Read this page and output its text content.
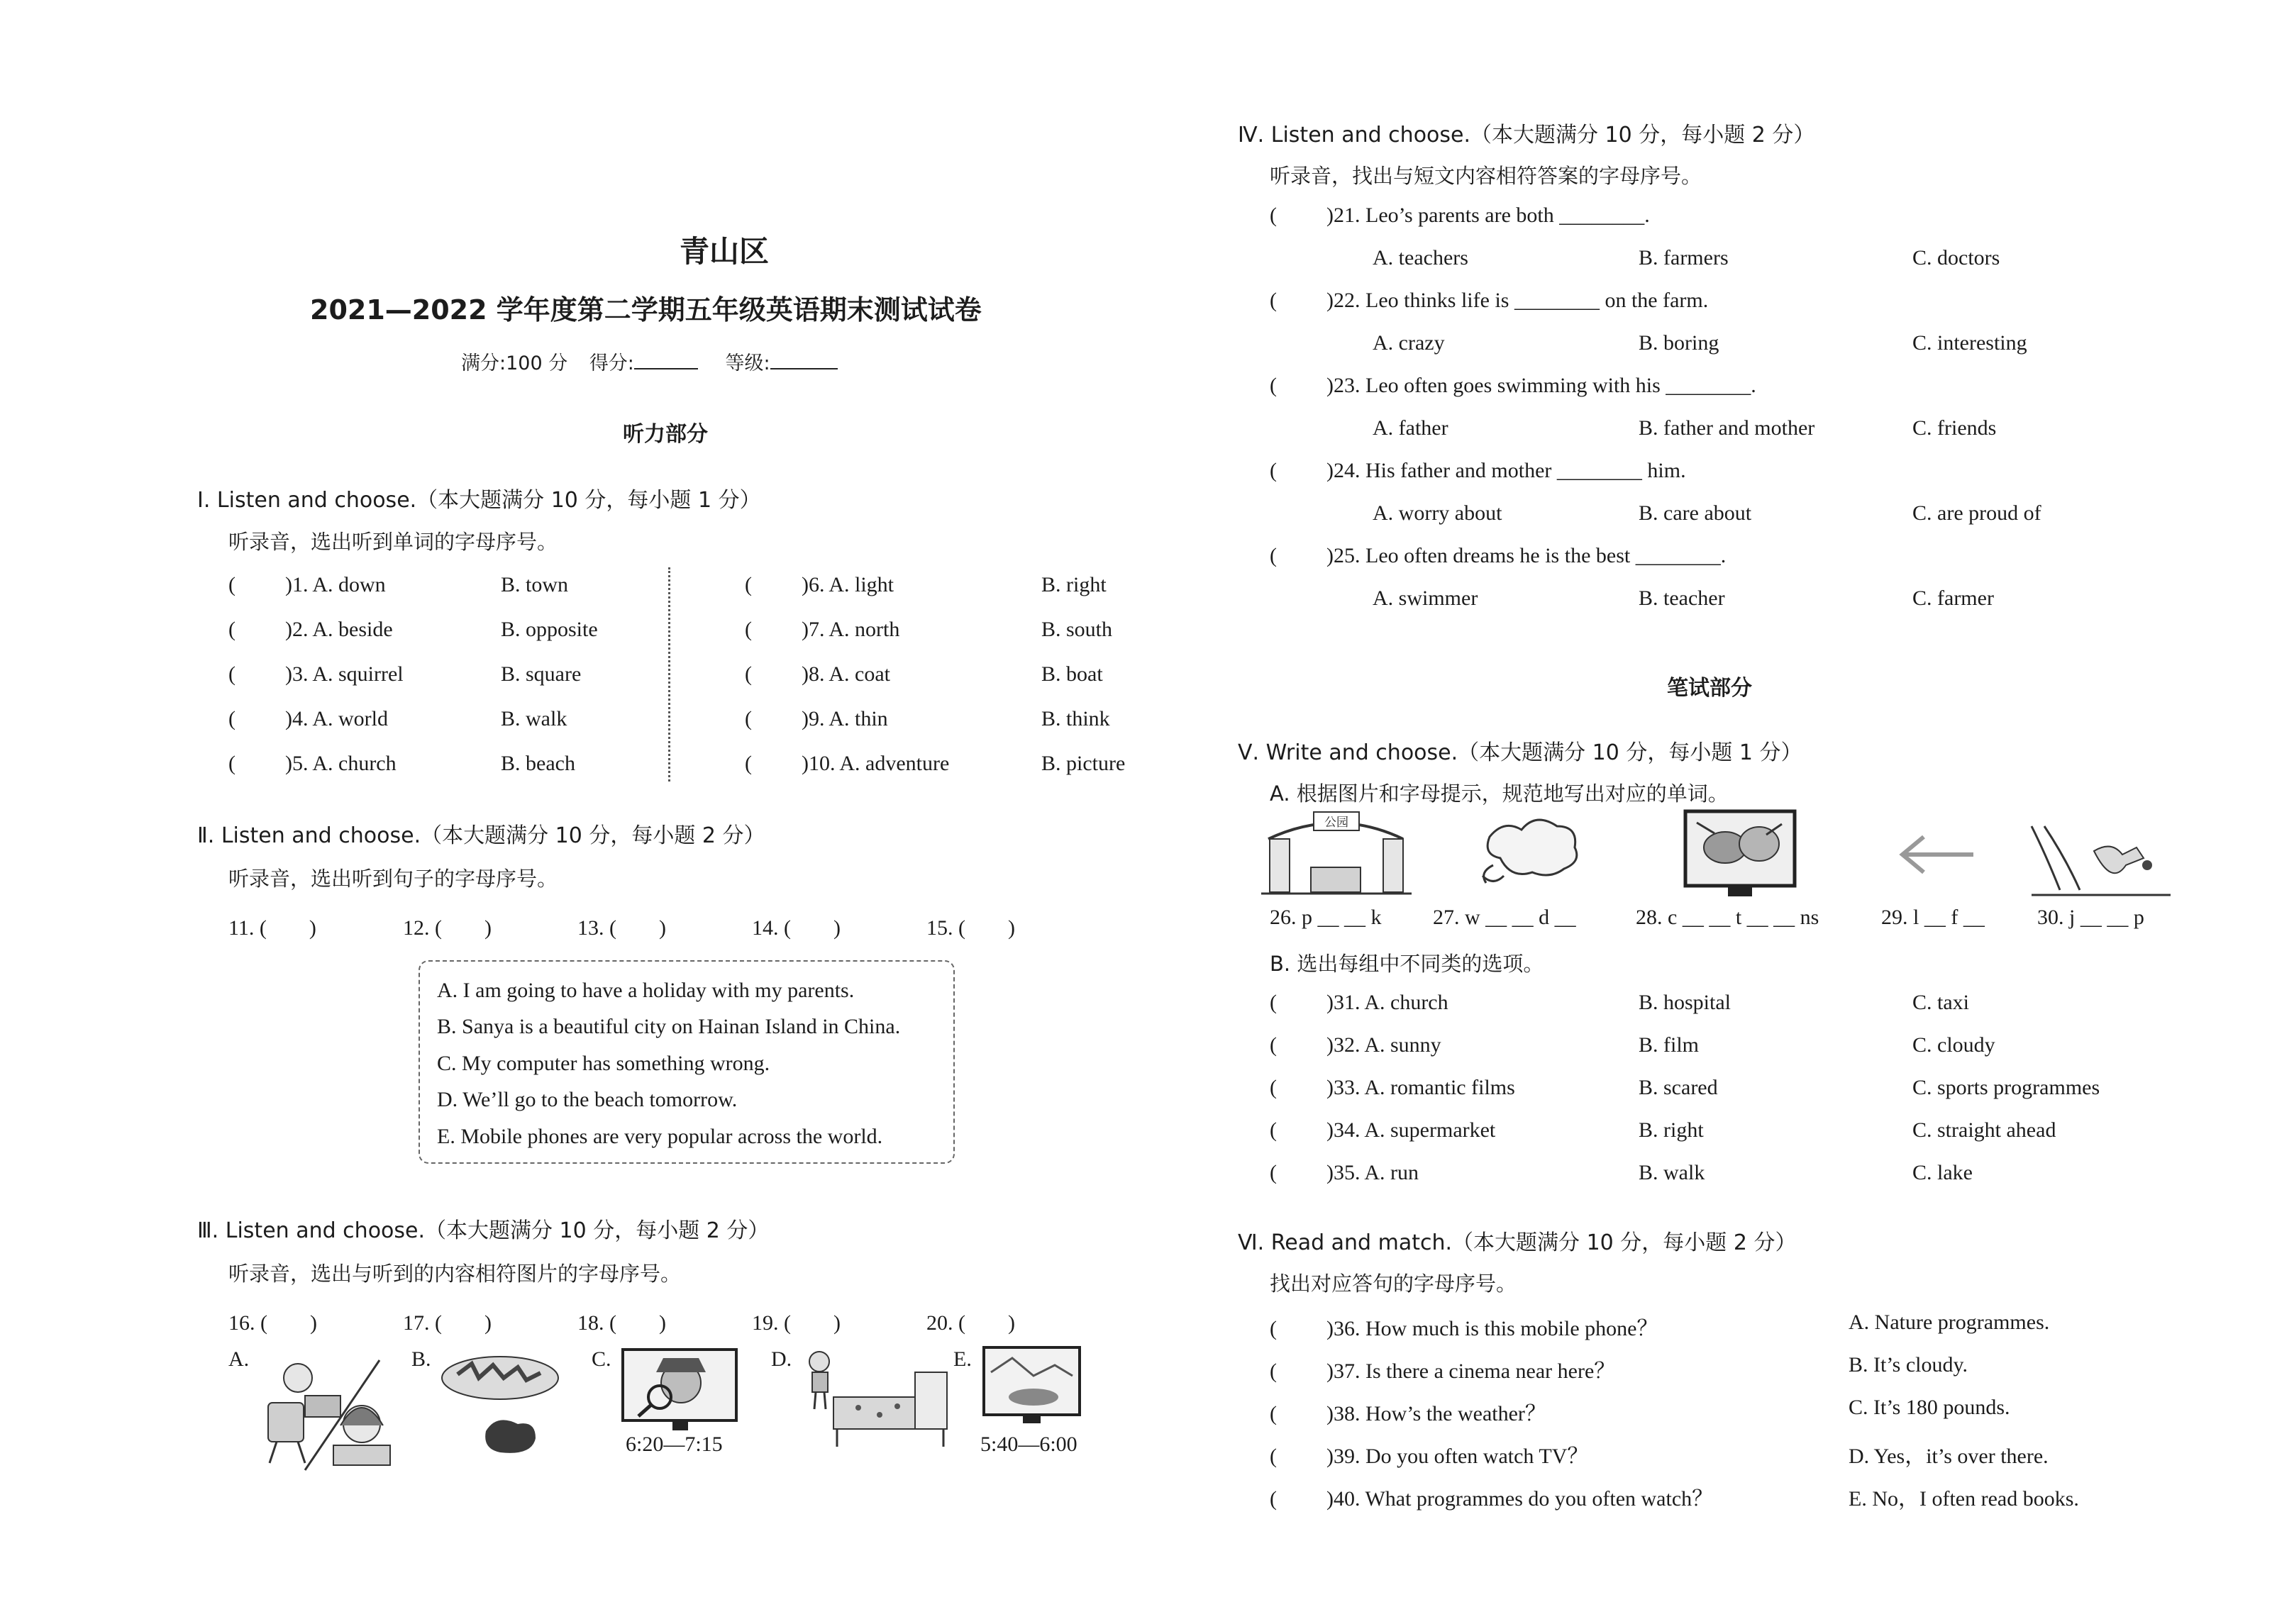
青山区
2021—2022 学年度第二学期五年级英语期末测试试卷
满分:100 分 得分:	等级:
听力部分
Ⅰ. Listen and choose.（本大题满分 10 分，每小题 1 分）
听录音，选出听到单词的字母序号。
( )1. A. down	B. town
( )2. A. beside	B. opposite
( )3. A. squirrel	B. square
( )4. A. world	B. walk
( )5. A. church	B. beach
( )6. A. light	B. right
( )7. A. north	B. south
( )8. A. coat	B. boat
( )9. A. thin	B. think
( )10. A. adventure	B. picture
Ⅱ. Listen and choose.（本大题满分 10 分，每小题 2 分）
听录音，选出听到句子的字母序号。
11. (　　)	12. (　　)	13. (　　)	14. (　　)	15. (　　)
A. I am going to have a holiday with my parents.
B. Sanya is a beautiful city on Hainan Island in China.
C. My computer has something wrong.
D. We’ll go to the beach tomorrow.
E. Mobile phones are very popular across the world.
Ⅲ. Listen and choose.（本大题满分 10 分，每小题 2 分）
听录音，选出与听到的内容相符图片的字母序号。
16. (　　)	17. (　　)	18. (　　)	19. (　　)	20. (　　)
A.	B.	C.	D.	E.
6:20—7:15	5:40—6:00
Ⅳ. Listen and choose.（本大题满分 10 分，每小题 2 分）
听录音，找出与短文内容相符答案的字母序号。
( )21. Leo’s parents are both ________.
A. teachers	B. farmers	C. doctors
( )22. Leo thinks life is ________ on the farm.
A. crazy	B. boring	C. interesting
( )23. Leo often goes swimming with his ________.
A. father	B. father and mother	C. friends
( )24. His father and mother ________ him.
A. worry about	B. care about	C. are proud of
( )25. Leo often dreams he is the best ________.
A. swimmer	B. teacher	C. farmer
笔试部分
Ⅴ. Write and choose.（本大题满分 10 分，每小题 1 分）
A. 根据图片和字母提示，规范地写出对应的单词。
公园
26. p __ __ k 27. w __ __ d __	28. c __ __ t __ __ ns	29. l __ f __ 30. j __ __ p
B. 选出每组中不同类的选项。
( )31. A. church	B. hospital	C. taxi
( )32. A. sunny	B. film	C. cloudy
( )33. A. romantic films	B. scared	C. sports programmes
( )34. A. supermarket	B. right	C. straight ahead
( )35. A. run	B. walk	C. lake
Ⅵ. Read and match.（本大题满分 10 分，每小题 2 分）
找出对应答句的字母序号。
( )36. How much is this mobile phone？	A. Nature programmes.
( )37. Is there a cinema near here？	B. It’s cloudy.
( )38. How’s the weather？	C. It’s 180 pounds.
( )39. Do you often watch TV？	D. Yes，it’s over there.
( )40. What programmes do you often watch？	E. No，I often read books.
